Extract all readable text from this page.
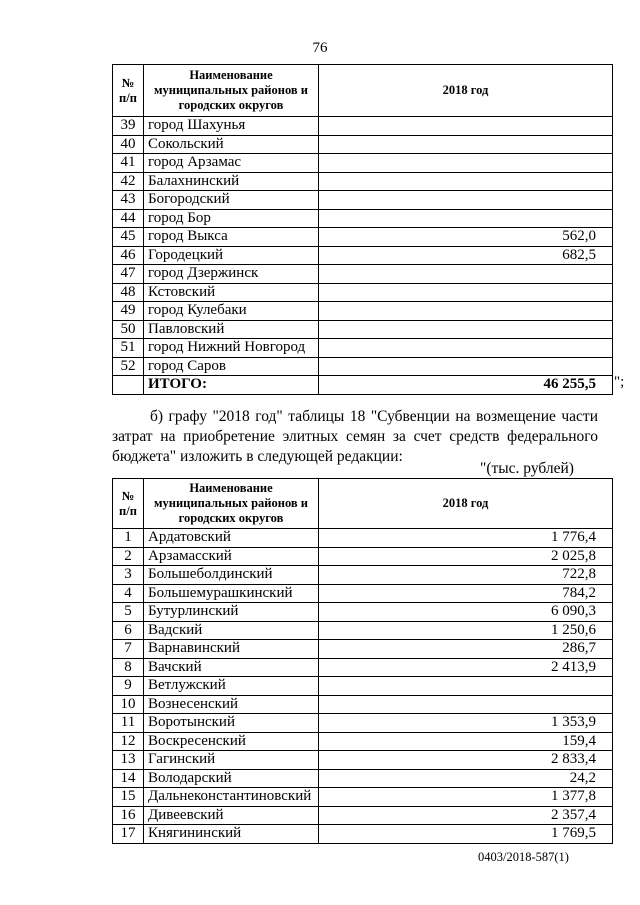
76
№ п/п	Наименование муниципальных районов и городских округов	2018 год
39	город Шахунья	
40	Сокольский	
41	город Арзамас	
42	Балахнинский	
43	Богородский	
44	город Бор	
45	город Выкса	562,0
46	Городецкий	682,5
47	город Дзержинск	
48	Кстовский	
49	город Кулебаки	
50	Павловский	
51	город Нижний Новгород	
52	город Саров	
	ИТОГО:	46 255,5 ";
б) графу "2018 год" таблицы 18 "Субвенции на возмещение части затрат на приобретение элитных семян за счет средств федерального бюджета" изложить в следующей редакции:
"(тыс. рублей)
№ п/п	Наименование муниципальных районов и городских округов	2018 год
1	Ардатовский	1 776,4
2	Арзамасский	2 025,8
3	Большеболдинский	722,8
4	Большемурашкинский	784,2
5	Бутурлинский	6 090,3
6	Вадский	1 250,6
7	Варнавинский	286,7
8	Вачский	2 413,9
9	Ветлужский	
10	Вознесенский	
11	Воротынский	1 353,9
12	Воскресенский	159,4
13	Гагинский	2 833,4
14	Володарский	24,2
15	Дальнеконстантиновский	1 377,8
16	Дивеевский	2 357,4
17	Княгининский	1 769,5
0403/2018-587(1)
